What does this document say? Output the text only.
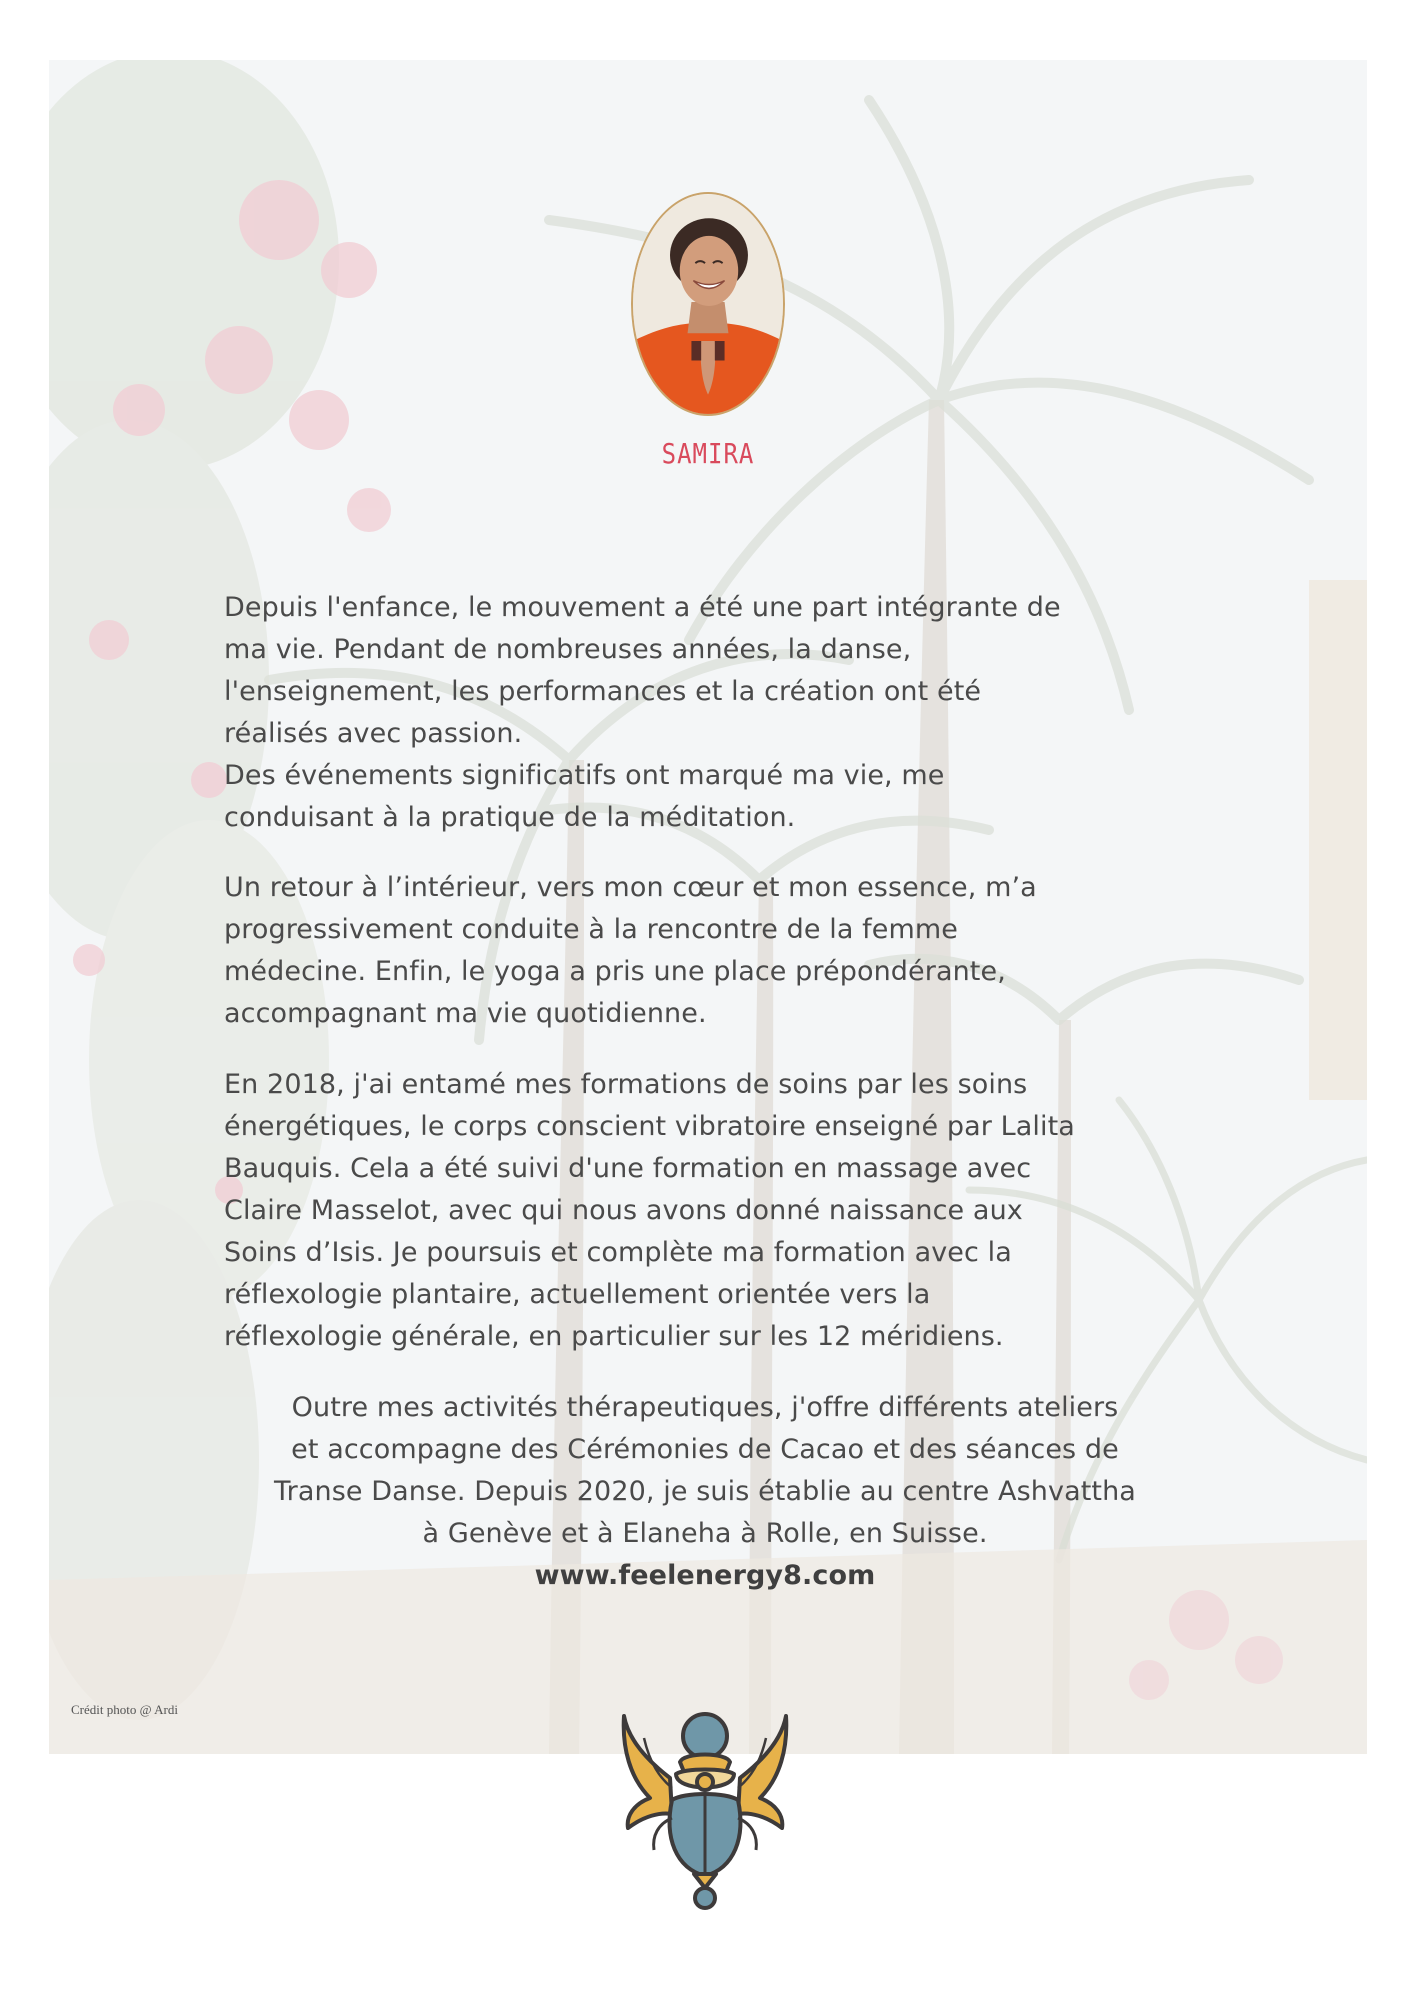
SAMIRA

Depuis l'enfance, le mouvement a été une part intégrante de

ma vie. Pendant de nombreuses années, la danse,

l'enseignement, les performances et la création ont été

réalisés avec passion.

Des événements significatifs ont marqué ma vie, me

conduisant à la pratique de la méditation.

Un retour à l’intérieur, vers mon cœur et mon essence, m’a

progressivement conduite à la rencontre de la femme

médecine. Enfin, le yoga a pris une place prépondérante,

accompagnant ma vie quotidienne.

En 2018, j'ai entamé mes formations de soins par les soins

énergétiques, le corps conscient vibratoire enseigné par Lalita

Bauquis. Cela a été suivi d'une formation en massage avec

Claire Masselot, avec qui nous avons donné naissance aux

Soins d’Isis. Je poursuis et complète ma formation avec la

réflexologie plantaire, actuellement orientée vers la

réflexologie générale, en particulier sur les 12 méridiens.

Outre mes activités thérapeutiques, j'offre différents ateliers

et accompagne des Cérémonies de Cacao et des séances de

Transe Danse. Depuis 2020, je suis établie au centre Ashvattha

à Genève et à Elaneha à Rolle, en Suisse.

www.feelenergy8.com
Crédit photo @ Ardi
